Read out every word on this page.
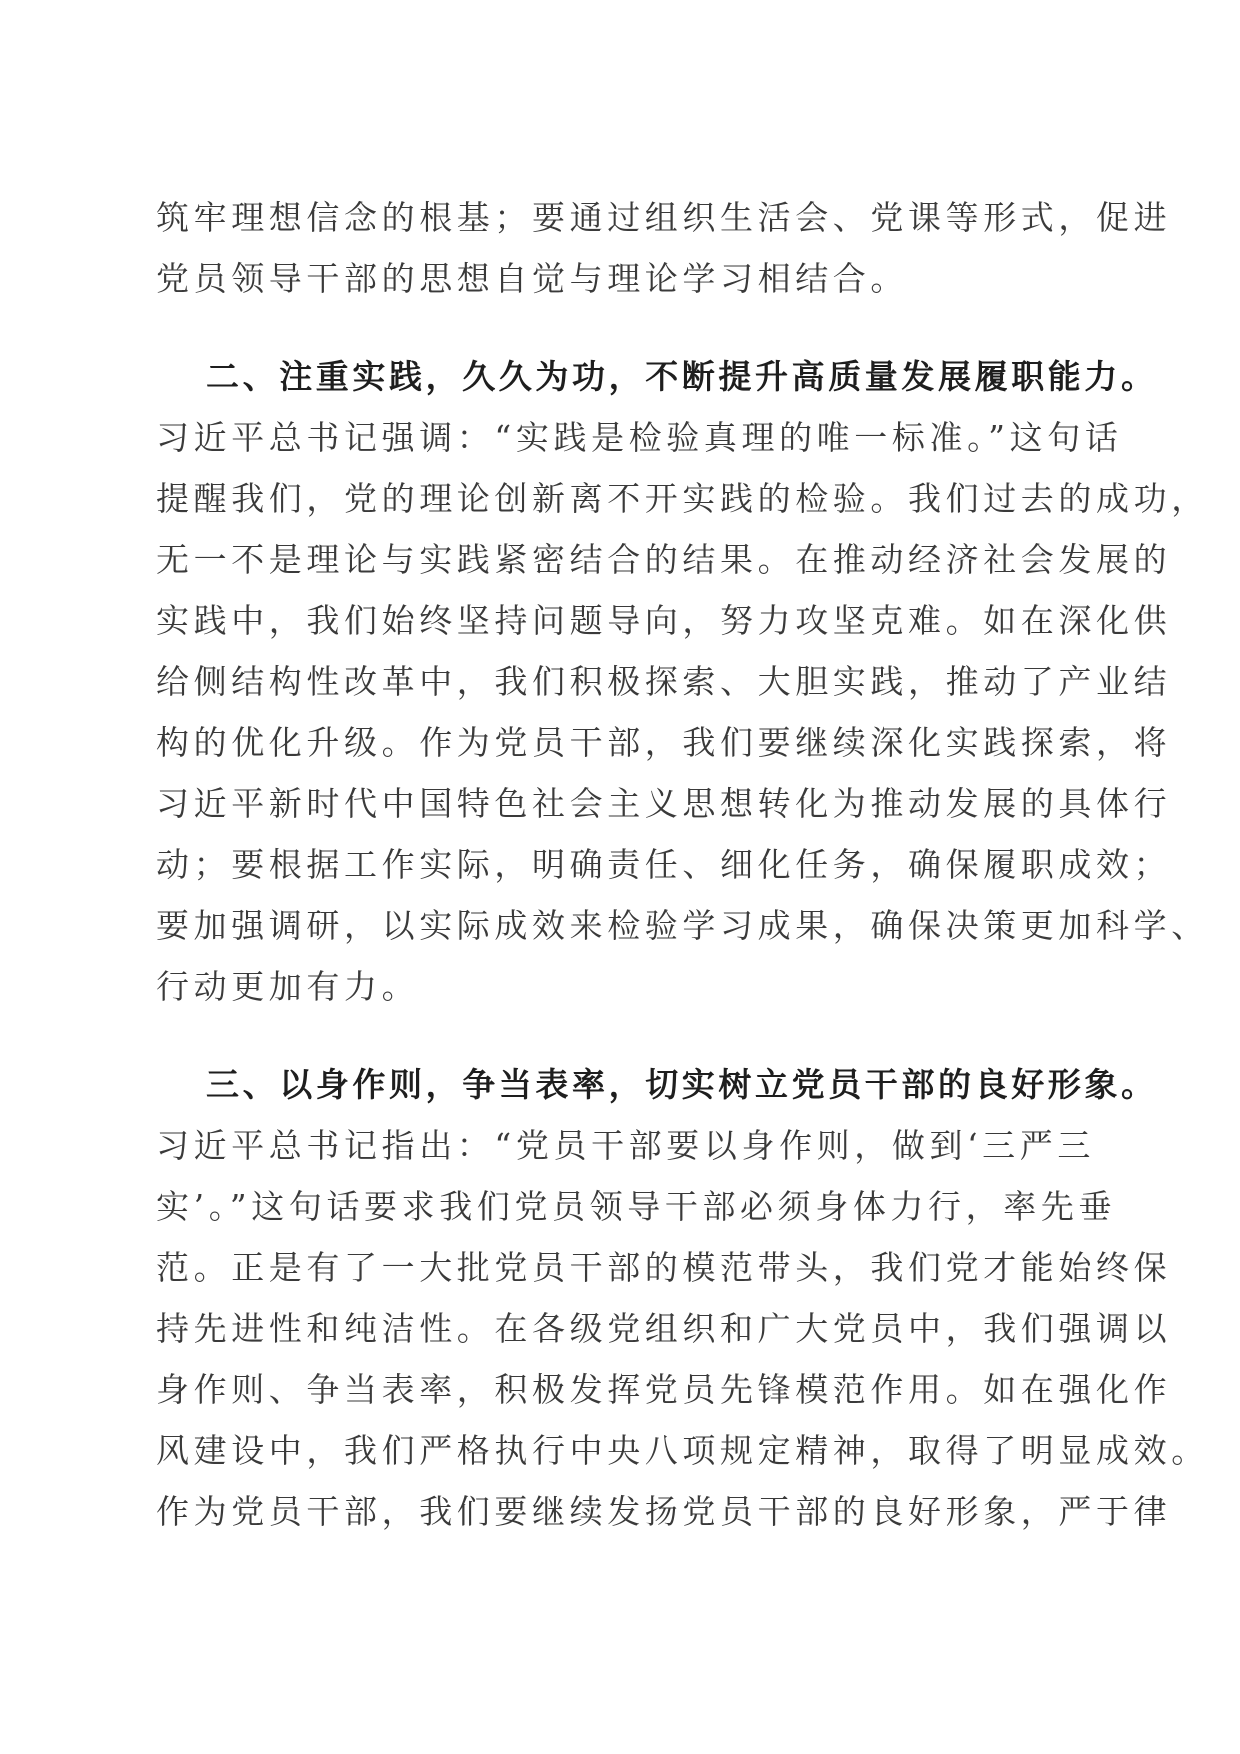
筑牢理想信念的根基；要通过组织生活会、党课等形式，促进
党员领导干部的思想自觉与理论学习相结合。
二、注重实践，久久为功，不断提升高质量发展履职能力。
习近平总书记强调：“实践是检验真理的唯一标准。”这句话
提醒我们，党的理论创新离不开实践的检验。我们过去的成功，
无一不是理论与实践紧密结合的结果。在推动经济社会发展的
实践中，我们始终坚持问题导向，努力攻坚克难。如在深化供
给侧结构性改革中，我们积极探索、大胆实践，推动了产业结
构的优化升级。作为党员干部，我们要继续深化实践探索，将
习近平新时代中国特色社会主义思想转化为推动发展的具体行
动；要根据工作实际，明确责任、细化任务，确保履职成效；
要加强调研，以实际成效来检验学习成果，确保决策更加科学、
行动更加有力。
三、以身作则，争当表率，切实树立党员干部的良好形象。
习近平总书记指出：“党员干部要以身作则，做到‘三严三
实’。”这句话要求我们党员领导干部必须身体力行，率先垂
范。正是有了一大批党员干部的模范带头，我们党才能始终保
持先进性和纯洁性。在各级党组织和广大党员中，我们强调以
身作则、争当表率，积极发挥党员先锋模范作用。如在强化作
风建设中，我们严格执行中央八项规定精神，取得了明显成效。
作为党员干部，我们要继续发扬党员干部的良好形象，严于律
